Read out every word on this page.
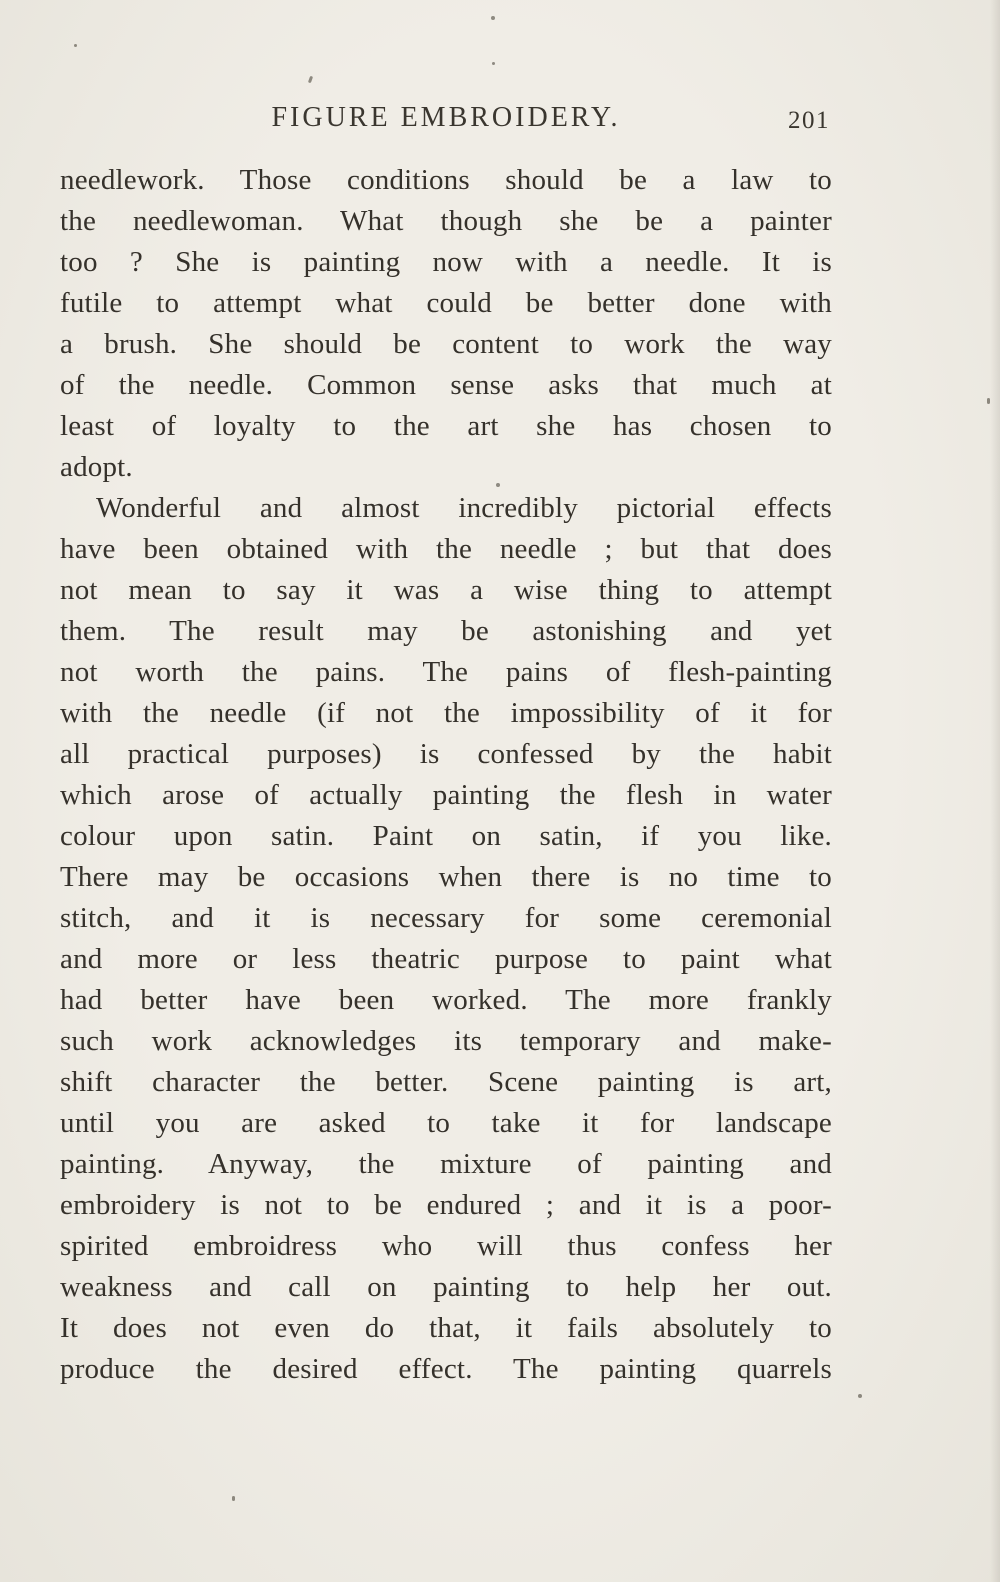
FIGURE EMBROIDERY.	201
needlework. Those conditions should be a law to
the needlewoman. What though she be a painter
too ? She is painting now with a needle. It is
futile to attempt what could be better done with
a brush. She should be content to work the way
of the needle. Common sense asks that much at
least of loyalty to the art she has chosen to
adopt.
Wonderful and almost incredibly pictorial effects
have been obtained with the needle ; but that does
not mean to say it was a wise thing to attempt
them. The result may be astonishing and yet
not worth the pains. The pains of flesh-painting
with the needle (if not the impossibility of it for
all practical purposes) is confessed by the habit
which arose of actually painting the flesh in water
colour upon satin. Paint on satin, if you like.
There may be occasions when there is no time to
stitch, and it is necessary for some ceremonial
and more or less theatric purpose to paint what
had better have been worked. The more frankly
such work acknowledges its temporary and make-
shift character the better. Scene painting is art,
until you are asked to take it for landscape
painting. Anyway, the mixture of painting and
embroidery is not to be endured ; and it is a poor-
spirited embroidress who will thus confess her
weakness and call on painting to help her out.
It does not even do that, it fails absolutely to
produce the desired effect. The painting quarrels
